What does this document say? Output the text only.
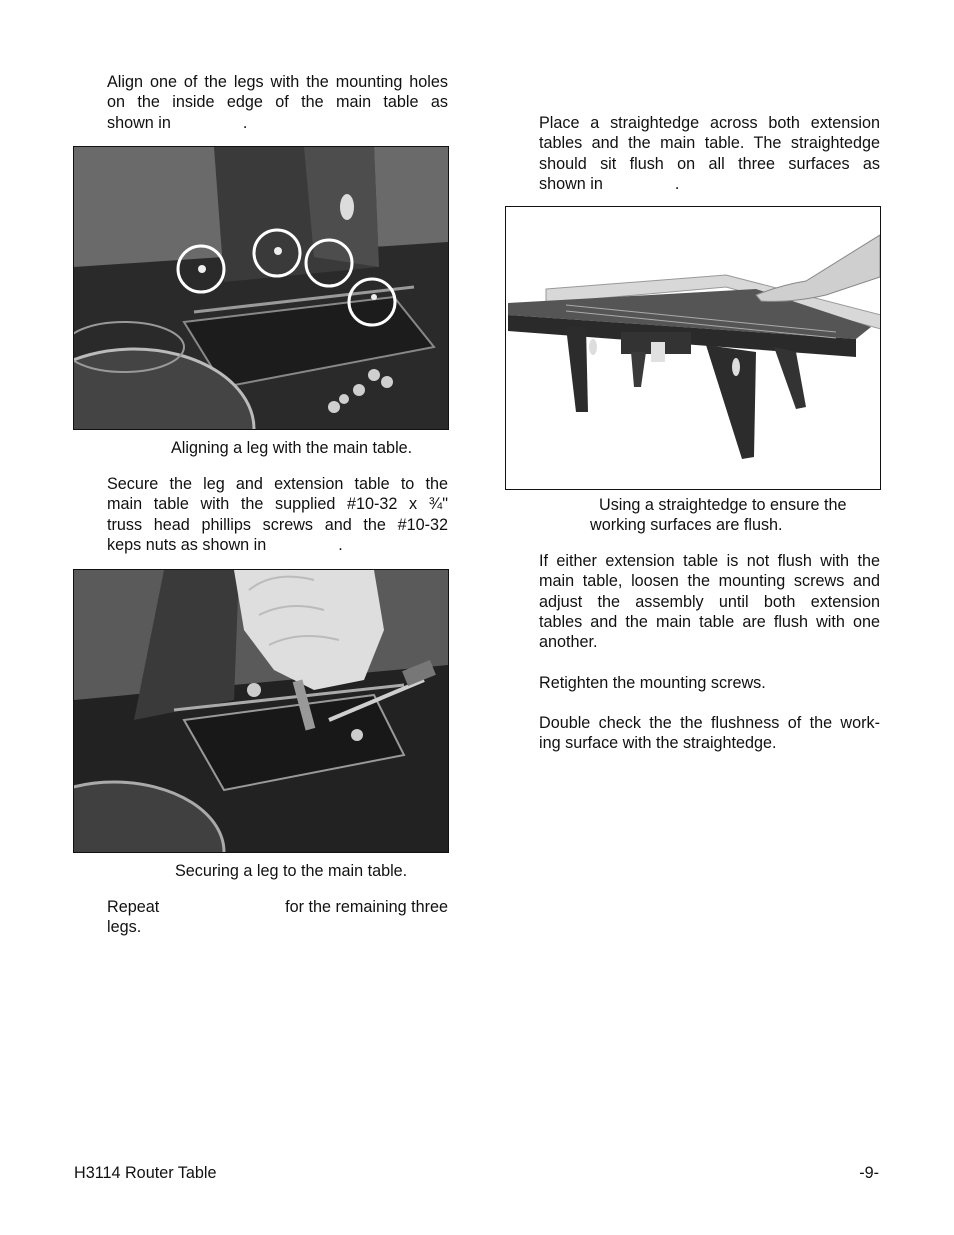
Align one of the legs with the mounting holes
on the inside edge of the main table as
shown in	.
Aligning a leg with the main table.
Secure the leg and extension table to the
main table with the supplied #10-32 x ¾"
truss head phillips screws and the #10-32
keps nuts as shown in	.
Securing a leg to the main table.
Repeat	for the remaining three
legs.
Place a straightedge across both extension
tables and the main table. The straightedge
should sit flush on all three surfaces as
shown in	.
Using a straightedge to ensure the
working surfaces are flush.
If either extension table is not flush with the
main table, loosen the mounting screws and
adjust the assembly until both extension
tables and the main table are flush with one
another.
Retighten the mounting screws.
Double check the the flushness of the work-
ing surface with the straightedge.
H3114 Router Table	-9-
